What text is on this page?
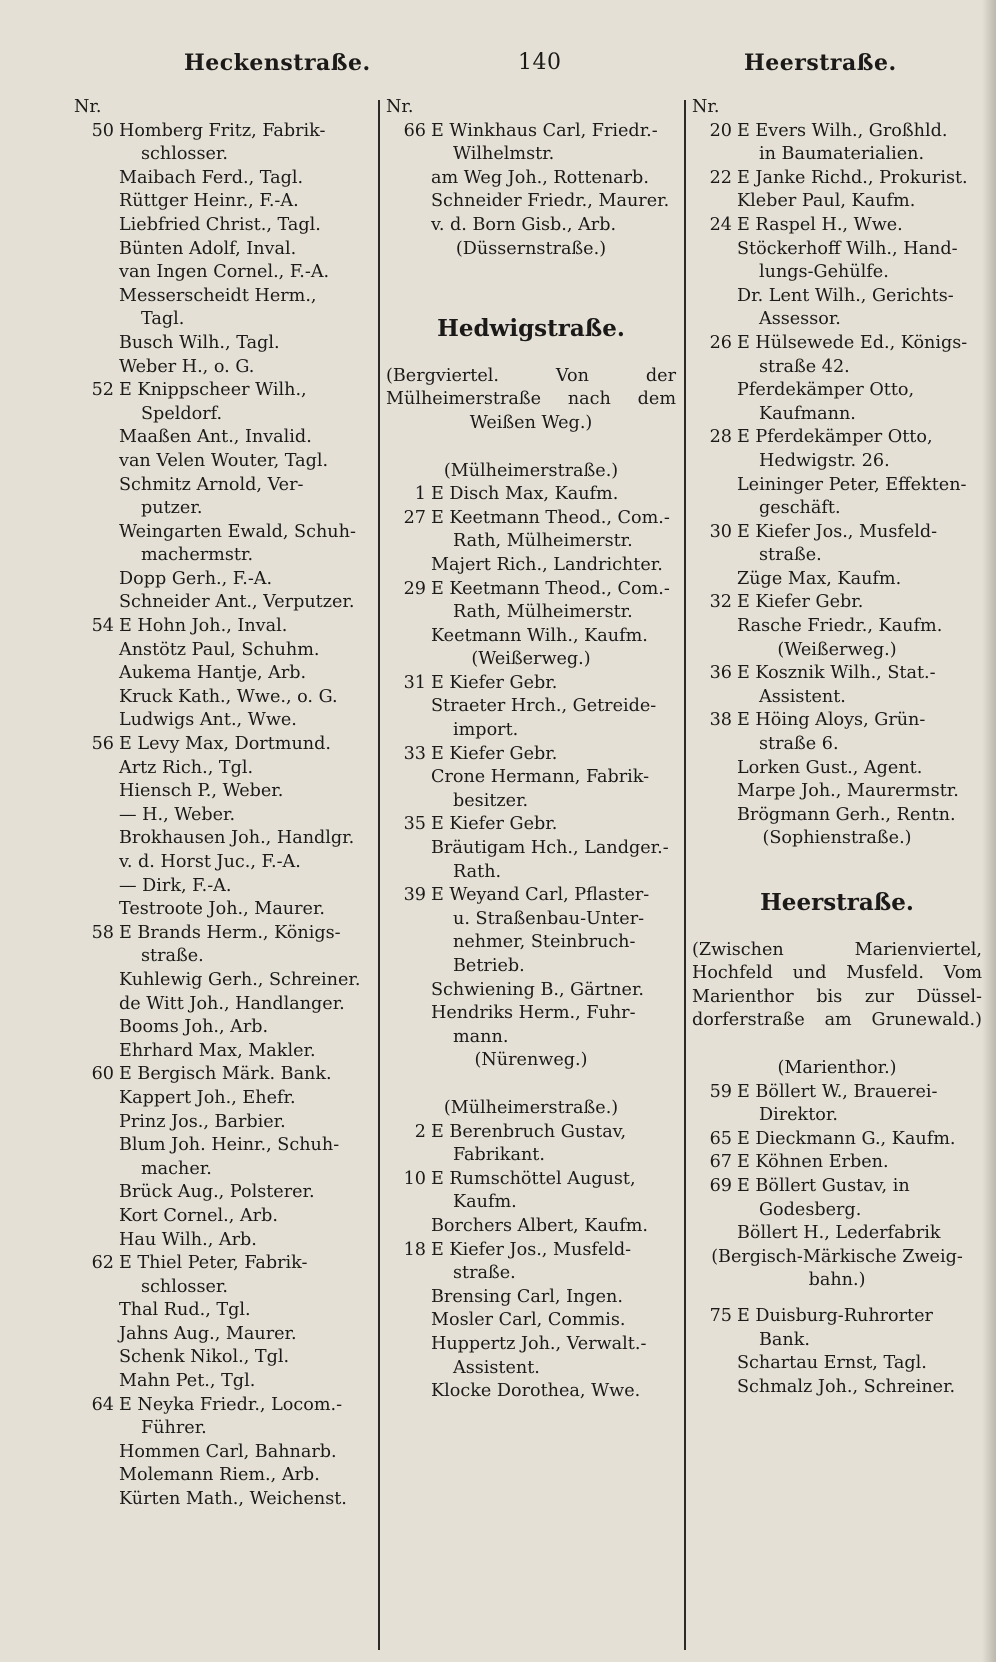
Heckenstraße.	140	Heerstraße.
Nr.
50 Homberg Fritz, Fabrik-
schlosser.
Maibach Ferd., Tagl.
Rüttger Heinr., F.-A.
Liebfried Christ., Tagl.
Bünten Adolf, Inval.
van Ingen Cornel., F.-A.
Messerscheidt Herm.,
Tagl.
Busch Wilh., Tagl.
Weber H., o. G.
52 E Knippscheer Wilh.,
Speldorf.
Maaßen Ant., Invalid.
van Velen Wouter, Tagl.
Schmitz Arnold, Ver-
putzer.
Weingarten Ewald, Schuh-
machermstr.
Dopp Gerh., F.-A.
Schneider Ant., Verputzer.
54 E Hohn Joh., Inval.
Anstötz Paul, Schuhm.
Aukema Hantje, Arb.
Kruck Kath., Wwe., o. G.
Ludwigs Ant., Wwe.
56 E Levy Max, Dortmund.
Artz Rich., Tgl.
Hiensch P., Weber.
— H., Weber.
Brokhausen Joh., Handlgr.
v. d. Horst Juc., F.-A.
— Dirk, F.-A.
Testroote Joh., Maurer.
58 E Brands Herm., Königs-
straße.
Kuhlewig Gerh., Schreiner.
de Witt Joh., Handlanger.
Booms Joh., Arb.
Ehrhard Max, Makler.
60 E Bergisch Märk. Bank.
Kappert Joh., Ehefr.
Prinz Jos., Barbier.
Blum Joh. Heinr., Schuh-
macher.
Brück Aug., Polsterer.
Kort Cornel., Arb.
Hau Wilh., Arb.
62 E Thiel Peter, Fabrik-
schlosser.
Thal Rud., Tgl.
Jahns Aug., Maurer.
Schenk Nikol., Tgl.
Mahn Pet., Tgl.
64 E Neyka Friedr., Locom.-
Führer.
Hommen Carl, Bahnarb.
Molemann Riem., Arb.
Kürten Math., Weichenst.
Nr.
66 E Winkhaus Carl, Friedr.-
Wilhelmstr.
am Weg Joh., Rottenarb.
Schneider Friedr., Maurer.
v. d. Born Gisb., Arb.
(Düssernstraße.)
Hedwigstraße.
(Bergviertel. Von der
Mülheimerstraße nach dem
Weißen Weg.)
(Mülheimerstraße.)
1 E Disch Max, Kaufm.
27 E Keetmann Theod., Com.-
Rath, Mülheimerstr.
Majert Rich., Landrichter.
29 E Keetmann Theod., Com.-
Rath, Mülheimerstr.
Keetmann Wilh., Kaufm.
(Weißerweg.)
31 E Kiefer Gebr.
Straeter Hrch., Getreide-
import.
33 E Kiefer Gebr.
Crone Hermann, Fabrik-
besitzer.
35 E Kiefer Gebr.
Bräutigam Hch., Landger.-
Rath.
39 E Weyand Carl, Pflaster-
u. Straßenbau-Unter-
nehmer, Steinbruch-
Betrieb.
Schwiening B., Gärtner.
Hendriks Herm., Fuhr-
mann.
(Nürenweg.)
(Mülheimerstraße.)
2 E Berenbruch Gustav,
Fabrikant.
10 E Rumschöttel August,
Kaufm.
Borchers Albert, Kaufm.
18 E Kiefer Jos., Musfeld-
straße.
Brensing Carl, Ingen.
Mosler Carl, Commis.
Huppertz Joh., Verwalt.-
Assistent.
Klocke Dorothea, Wwe.
Nr.
20 E Evers Wilh., Großhld.
in Baumaterialien.
22 E Janke Richd., Prokurist.
Kleber Paul, Kaufm.
24 E Raspel H., Wwe.
Stöckerhoff Wilh., Hand-
lungs-Gehülfe.
Dr. Lent Wilh., Gerichts-
Assessor.
26 E Hülsewede Ed., Königs-
straße 42.
Pferdekämper Otto,
Kaufmann.
28 E Pferdekämper Otto,
Hedwigstr. 26.
Leininger Peter, Effekten-
geschäft.
30 E Kiefer Jos., Musfeld-
straße.
Züge Max, Kaufm.
32 E Kiefer Gebr.
Rasche Friedr., Kaufm.
(Weißerweg.)
36 E Kosznik Wilh., Stat.-
Assistent.
38 E Höing Aloys, Grün-
straße 6.
Lorken Gust., Agent.
Marpe Joh., Maurermstr.
Brögmann Gerh., Rentn.
(Sophienstraße.)
Heerstraße.
(Zwischen Marienviertel,
Hochfeld und Musfeld. Vom
Marienthor bis zur Düssel-
dorferstraße am Grunewald.)
(Marienthor.)
59 E Böllert W., Brauerei-
Direktor.
65 E Dieckmann G., Kaufm.
67 E Köhnen Erben.
69 E Böllert Gustav, in
Godesberg.
Böllert H., Lederfabrik
(Bergisch-Märkische Zweig-
bahn.)
75 E Duisburg-Ruhrorter
Bank.
Schartau Ernst, Tagl.
Schmalz Joh., Schreiner.
